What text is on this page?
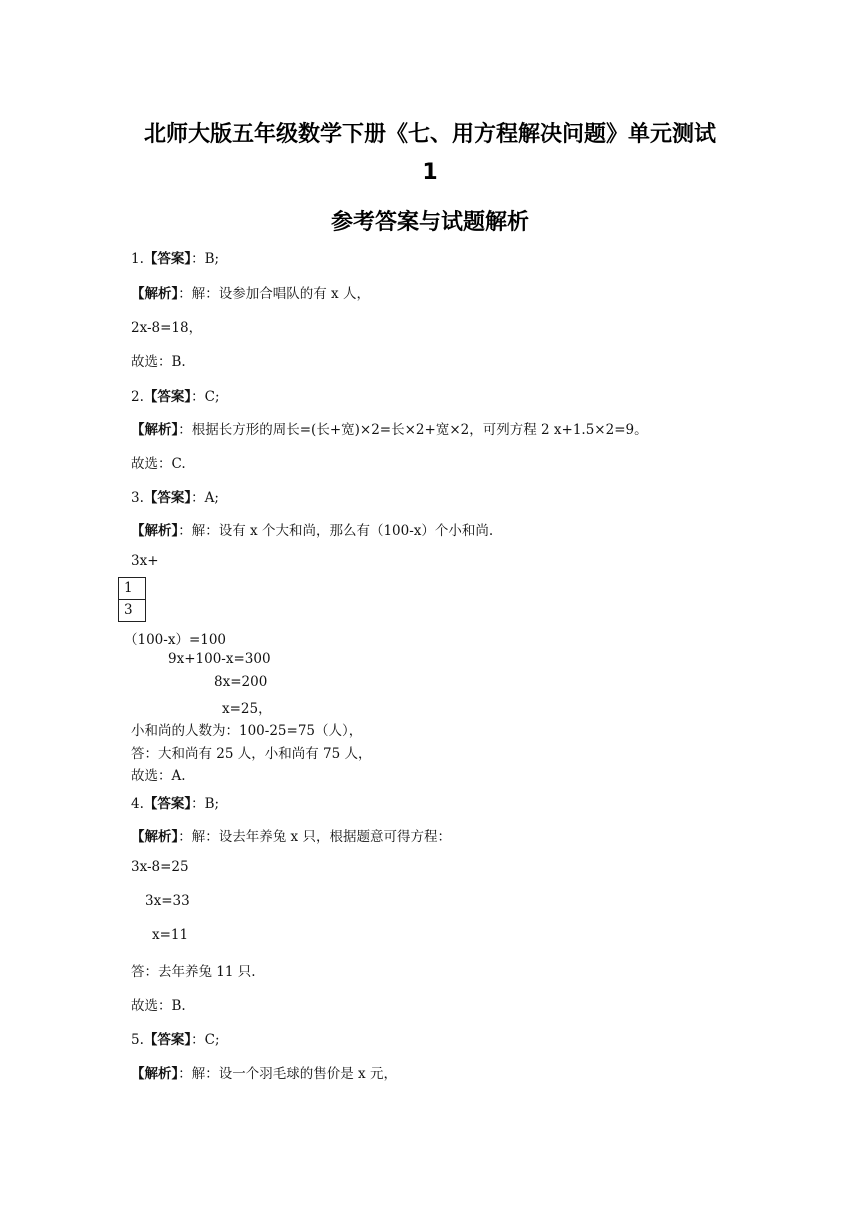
北师大版五年级数学下册《七、用方程解决问题》单元测试
1
参考答案与试题解析
1.【答案】：B;
【解析】：解：设参加合唱队的有 x 人，
2x-8=18，
故选：B.
2.【答案】：C;
【解析】：根据长方形的周长=(长+宽)×2=长×2+宽×2，可列方程 2 x+1.5×2=9。
故选：C.
3.【答案】：A;
【解析】：解：设有 x 个大和尚，那么有（100-x）个小和尚.
3x+
$\frac{1}{3}$
（100-x）=100
9x+100-x=300
8x=200
x=25，
小和尚的人数为：100-25=75（人），
答：大和尚有 25 人，小和尚有 75 人，
故选：A.
4.【答案】：B;
【解析】：解：设去年养兔 x 只，根据题意可得方程：
3x-8=25
3x=33
x=11
答：去年养兔 11 只.
故选：B.
5.【答案】：C;
【解析】：解：设一个羽毛球的售价是 x 元，
